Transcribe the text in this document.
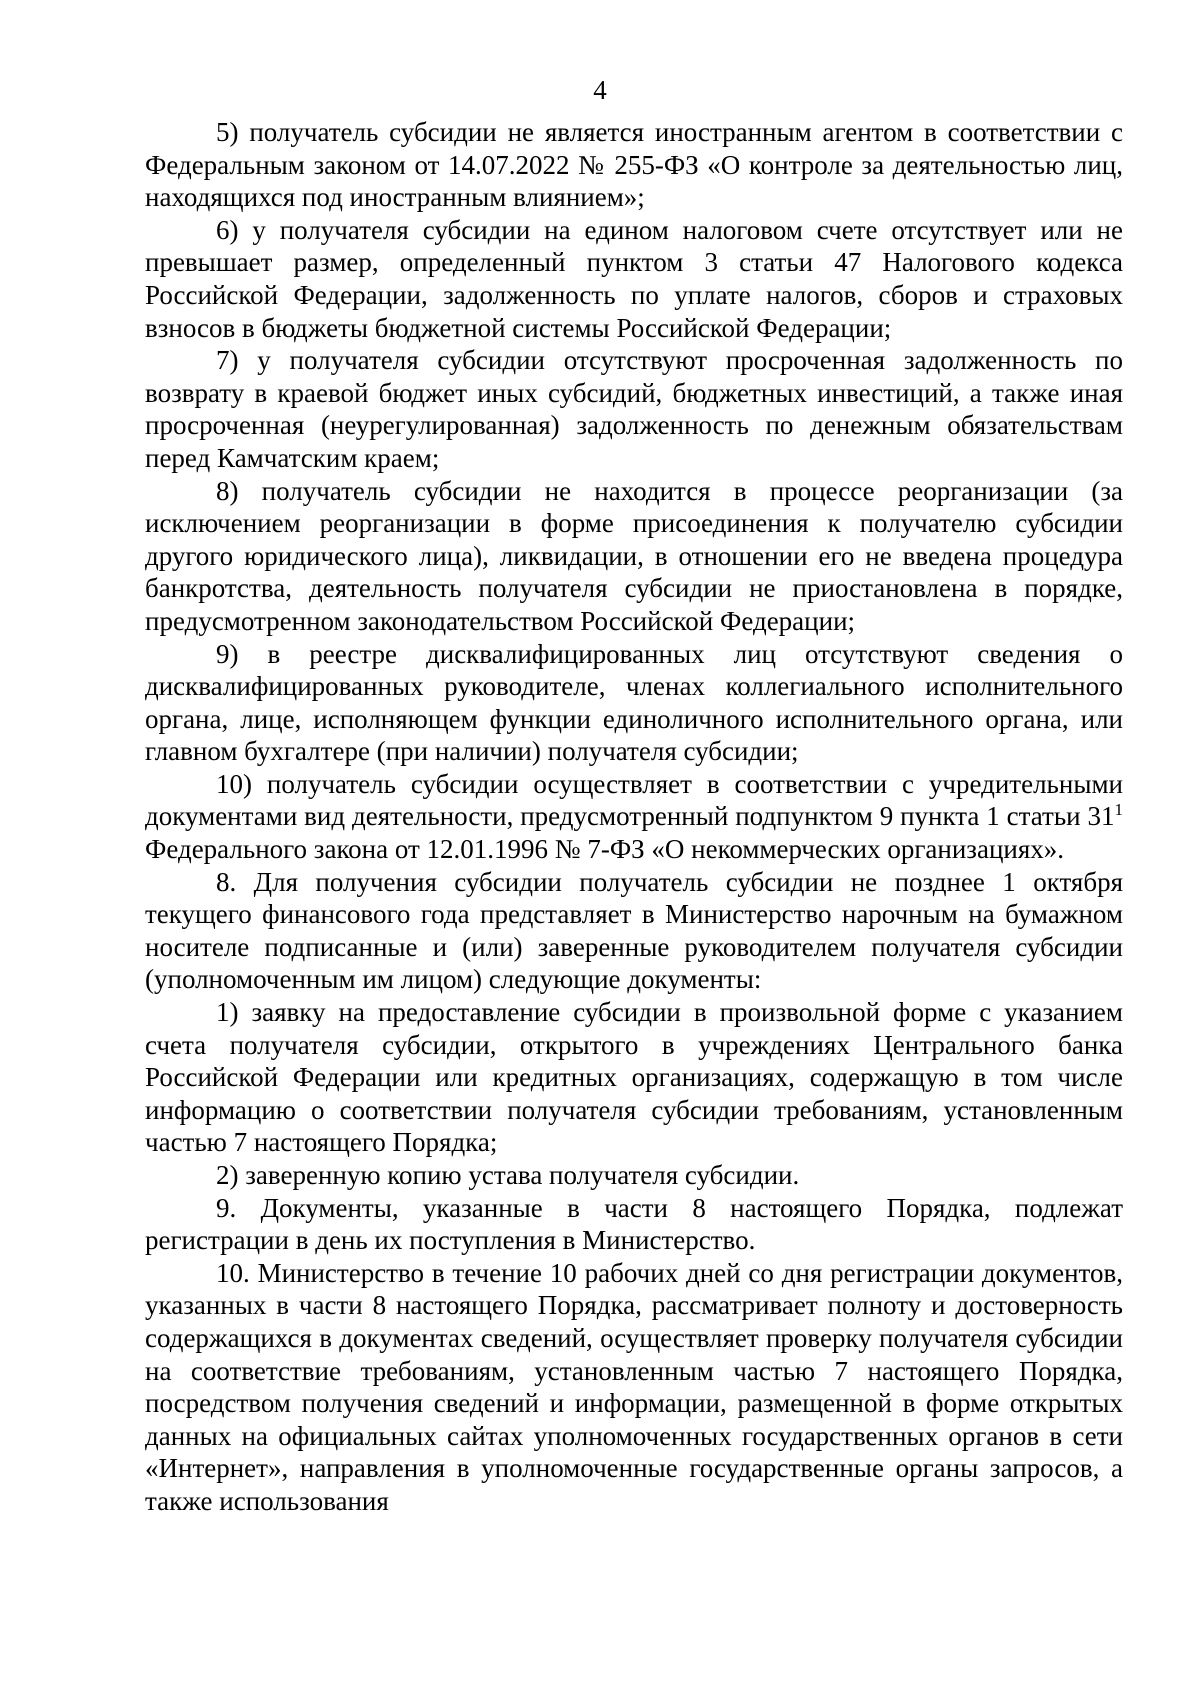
4

5) получатель субсидии не является иностранным агентом в соответствии с Федеральным законом от 14.07.2022 № 255-ФЗ «О контроле за деятельностью лиц, находящихся под иностранным влиянием»;

6) у получателя субсидии на едином налоговом счете отсутствует или не превышает размер, определенный пунктом 3 статьи 47 Налогового кодекса Российской Федерации, задолженность по уплате налогов, сборов и страховых взносов в бюджеты бюджетной системы Российской Федерации;

7) у получателя субсидии отсутствуют просроченная задолженность по возврату в краевой бюджет иных субсидий, бюджетных инвестиций, а также иная просроченная (неурегулированная) задолженность по денежным обязательствам перед Камчатским краем;

8) получатель субсидии не находится в процессе реорганизации (за исключением реорганизации в форме присоединения к получателю субсидии другого юридического лица), ликвидации, в отношении его не введена процедура банкротства, деятельность получателя субсидии не приостановлена в порядке, предусмотренном законодательством Российской Федерации;

9) в реестре дисквалифицированных лиц отсутствуют сведения о дисквалифицированных руководителе, членах коллегиального исполнительного органа, лице, исполняющем функции единоличного исполнительного органа, или главном бухгалтере (при наличии) получателя субсидии;

10) получатель субсидии осуществляет в соответствии с учредительными документами вид деятельности, предусмотренный подпунктом 9 пункта 1 статьи $31^1$ Федерального закона от 12.01.1996 № 7-ФЗ «О некоммерческих организациях».

8. Для получения субсидии получатель субсидии не позднее 1 октября текущего финансового года представляет в Министерство нарочным на бумажном носителе подписанные и (или) заверенные руководителем получателя субсидии (уполномоченным им лицом) следующие документы:

1) заявку на предоставление субсидии в произвольной форме с указанием счета получателя субсидии, открытого в учреждениях Центрального банка Российской Федерации или кредитных организациях, содержащую в том числе информацию о соответствии получателя субсидии требованиям, установленным частью 7 настоящего Порядка;

2) заверенную копию устава получателя субсидии.

9. Документы, указанные в части 8 настоящего Порядка, подлежат регистрации в день их поступления в Министерство.

10. Министерство в течение 10 рабочих дней со дня регистрации документов, указанных в части 8 настоящего Порядка, рассматривает полноту и достоверность содержащихся в документах сведений, осуществляет проверку получателя субсидии на соответствие требованиям, установленным частью 7 настоящего Порядка, посредством получения сведений и информации, размещенной в форме открытых данных на официальных сайтах уполномоченных государственных органов в сети «Интернет», направления в уполномоченные государственные органы запросов, а также использования
